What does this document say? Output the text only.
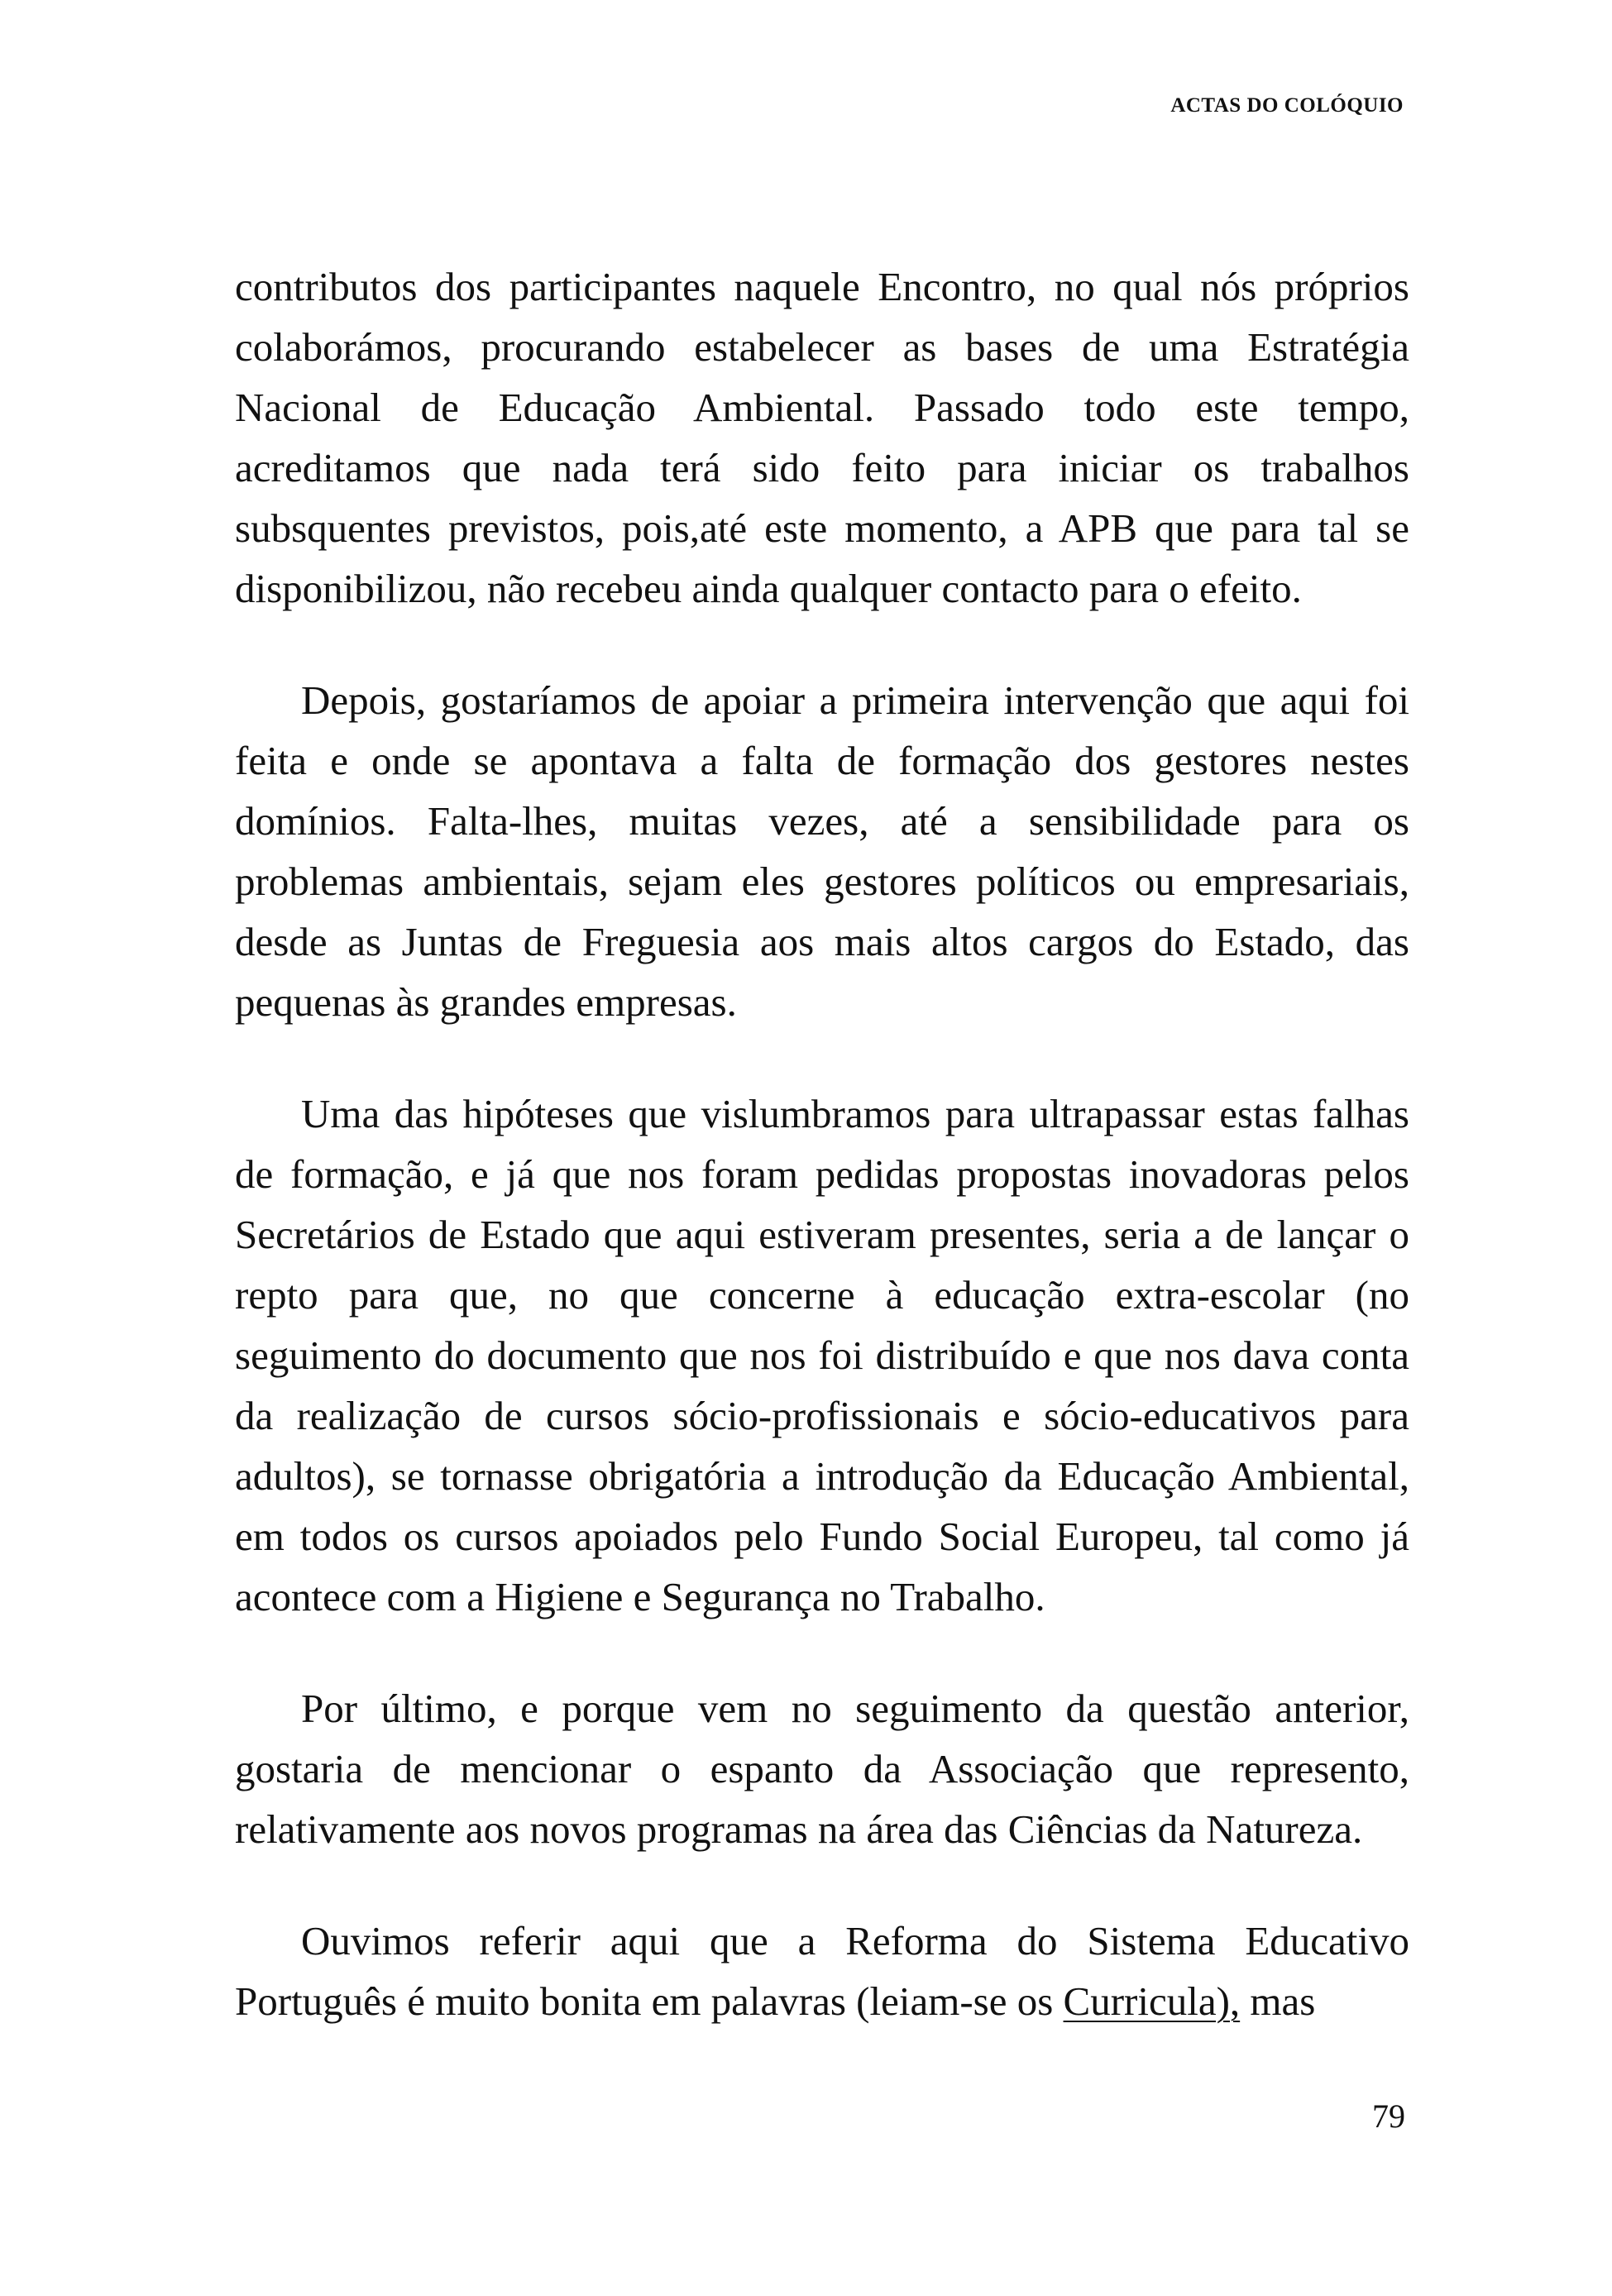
ACTAS DO COLÓQUIO

contributos dos participantes naquele Encontro, no qual nós próprios colaborámos, procurando estabelecer as bases de uma Estratégia Nacional de Educação Ambiental. Passado todo este tempo, acreditamos que nada terá sido feito para iniciar os trabalhos subsquentes previstos, pois,até este momento, a APB que para tal se disponibilizou, não recebeu ainda qualquer contacto para o efeito.

Depois, gostaríamos de apoiar a primeira intervenção que aqui foi feita e onde se apontava a falta de formação dos gestores nestes domínios. Falta-lhes, muitas vezes, até a sensibilidade para os problemas ambientais, sejam eles gestores políticos ou empresariais, desde as Juntas de Freguesia aos mais altos cargos do Estado, das pequenas às grandes empresas.

Uma das hipóteses que vislumbramos para ultrapassar estas falhas de formação, e já que nos foram pedidas propostas inovadoras pelos Secretários de Estado que aqui estiveram presentes, seria a de lançar o repto para que, no que concerne à educação extra-escolar (no seguimento do documento que nos foi distribuído e que nos dava conta da realização de cursos sócio-profissionais e sócio-educativos para adultos), se tornasse obrigatória a introdução da Educação Ambiental, em todos os cursos apoiados pelo Fundo Social Europeu, tal como já acontece com a Higiene e Segurança no Trabalho.

Por último, e porque vem no seguimento da questão anterior, gostaria de mencionar o espanto da Associação que represento, relativamente aos novos programas na área das Ciências da Natureza.

Ouvimos referir aqui que a Reforma do Sistema Educativo Português é muito bonita em palavras (leiam-se os Curricula), mas

79
